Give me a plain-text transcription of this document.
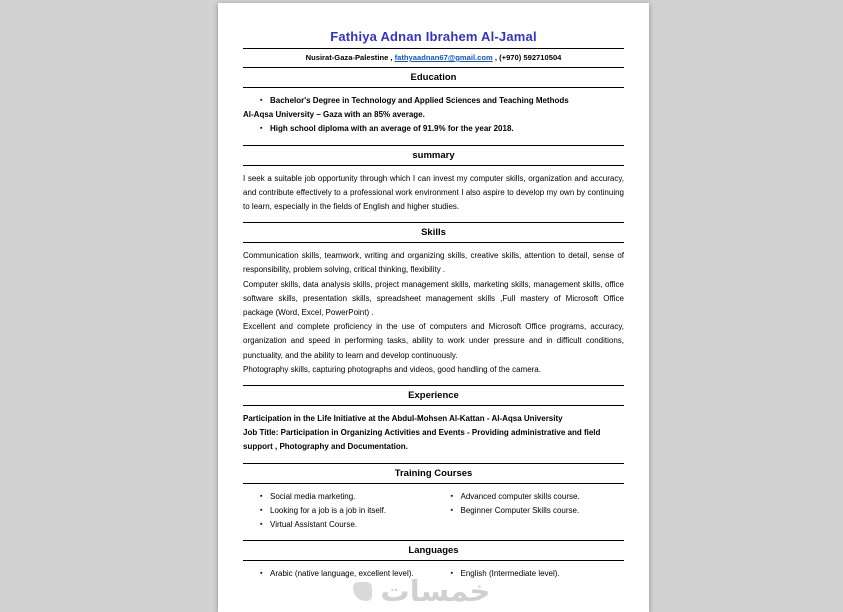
Fathiya Adnan Ibrahem Al-Jamal
Nusirat-Gaza-Palestine , fathyaadnan67@gmail.com , (+970) 592710504
Education
▪ Bachelor's Degree in Technology and Applied Sciences and Teaching Methods
Al-Aqsa University – Gaza with an 85% average.
▪ High school diploma with an average of 91.9% for the year 2018.
summary

I seek a suitable job opportunity through which I can invest my computer skills, organization and accuracy, and contribute effectively to a professional work environment I also aspire to develop my own by continuing to learn, especially in the fields of English and higher studies.

Skills

Communication skills, teamwork, writing and organizing skills, creative skills, attention to detail, sense of responsibility, problem solving, critical thinking, flexibility .

Computer skills, data analysis skills, project management skills, marketing skills, management skills, office software skills, presentation skills, spreadsheet management skills ,Full mastery of Microsoft Office package (Word, Excel, PowerPoint) .

Excellent and complete proficiency in the use of computers and Microsoft Office programs, accuracy, organization and speed in performing tasks, ability to work under pressure and in difficult conditions, punctuality, and the ability to learn and develop continuously.

Photography skills, capturing photographs and videos, good handling of the camera.

Experience
Participation in the Life Initiative at the Abdul-Mohsen Al-Kattan - Al-Aqsa University
Job Title: Participation in Organizing Activities and Events - Providing administrative and field support , Photography and Documentation.
Training Courses
▪ Social media marketing.
▪ Looking for a job is a job in itself.
▪ Virtual Assistant Course.
▪ Advanced computer skills course.
▪ Beginner Computer Skills course.
Languages
▪ Arabic (native language, excellent level).	▪ English (Intermediate level).
خمسات
